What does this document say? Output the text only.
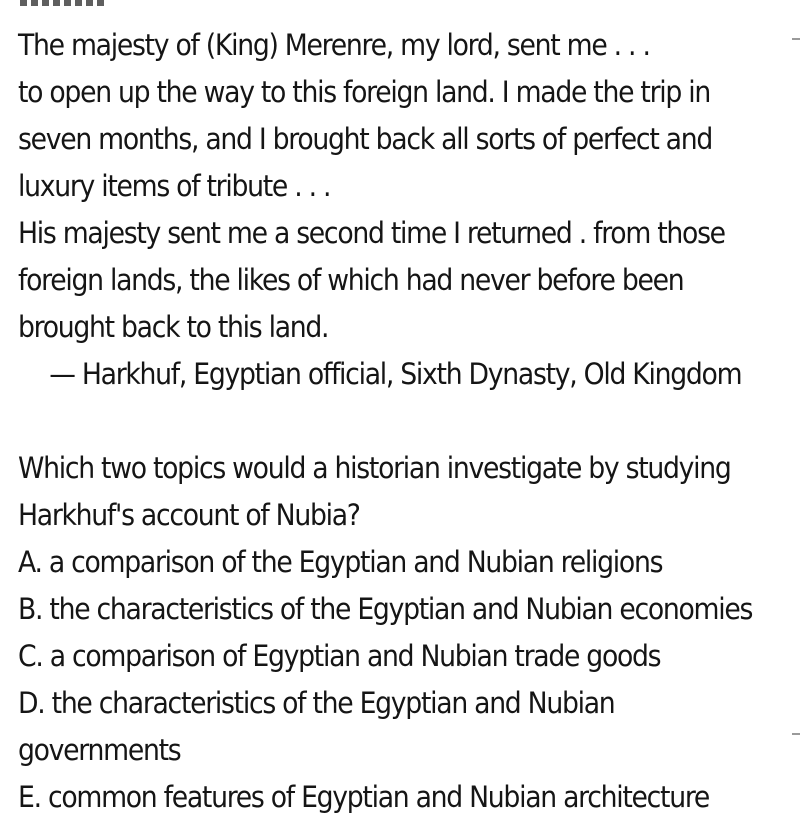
The majesty of (King) Merenre, my lord, sent me . . .
to open up the way to this foreign land. I made the trip in
seven months, and I brought back all sorts of perfect and
luxury items of tribute . . .
His majesty sent me a second time I returned . from those
foreign lands, the likes of which had never before been
brought back to this land.
— Harkhuf, Egyptian official, Sixth Dynasty, Old Kingdom
Which two topics would a historian investigate by studying
Harkhuf's account of Nubia?
A. a comparison of the Egyptian and Nubian religions
B. the characteristics of the Egyptian and Nubian economies
C. a comparison of Egyptian and Nubian trade goods
D. the characteristics of the Egyptian and Nubian
governments
E. common features of Egyptian and Nubian architecture
